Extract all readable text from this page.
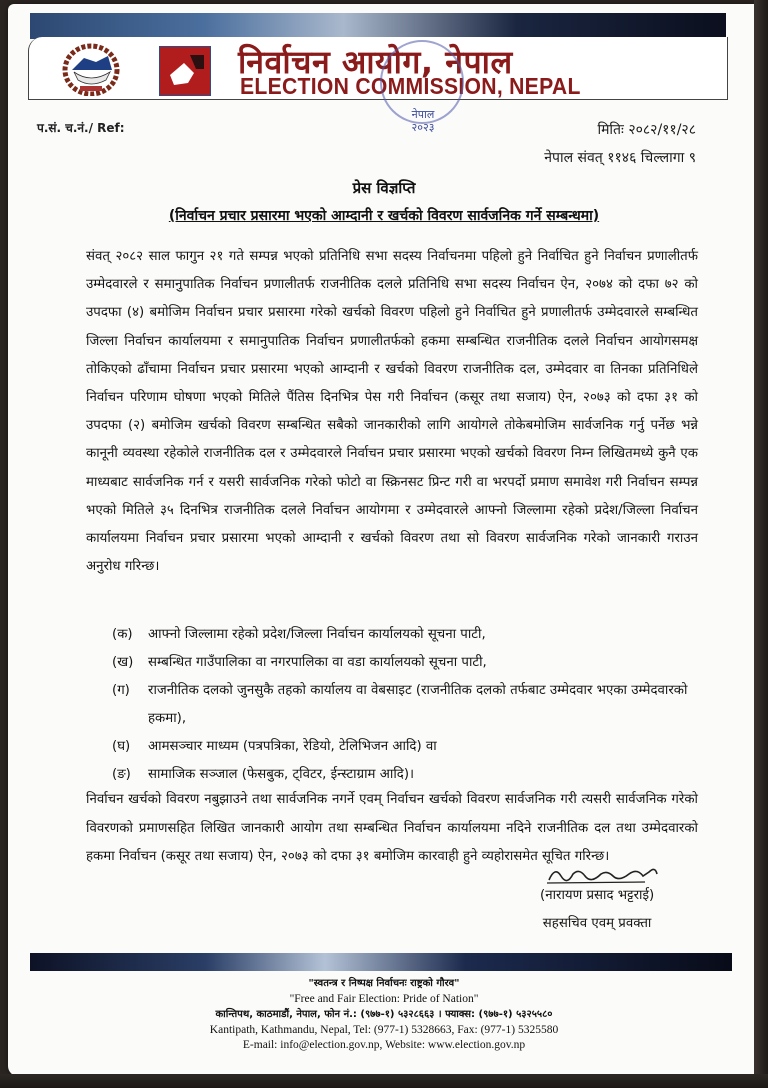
निर्वाचन आयोग, नेपाल
ELECTION COMMISSION, NEPAL
नेपाल
२०२३
प.सं. च.नं./ Ref:	मितिः २०८२/११/२८
नेपाल संवत् ११४६ चिल्लागा ९
प्रेस विज्ञप्ति
(निर्वाचन प्रचार प्रसारमा भएको आम्दानी र खर्चको विवरण सार्वजनिक गर्ने सम्बन्धमा)
संवत् २०८२ साल फागुन २१ गते सम्पन्न भएको प्रतिनिधि सभा सदस्य निर्वाचनमा पहिलो हुने निर्वाचित हुने निर्वाचन प्रणालीतर्फ उम्मेदवारले र समानुपातिक निर्वाचन प्रणालीतर्फ राजनीतिक दलले प्रतिनिधि सभा सदस्य निर्वाचन ऐन, २०७४ को दफा ७२ को उपदफा (४) बमोजिम निर्वाचन प्रचार प्रसारमा गरेको खर्चको विवरण पहिलो हुने निर्वाचित हुने प्रणालीतर्फ उम्मेदवारले सम्बन्धित जिल्ला निर्वाचन कार्यालयमा र समानुपातिक निर्वाचन प्रणालीतर्फको हकमा सम्बन्धित राजनीतिक दलले निर्वाचन आयोगसमक्ष तोकिएको ढाँचामा निर्वाचन प्रचार प्रसारमा भएको आम्दानी र खर्चको विवरण राजनीतिक दल, उम्मेदवार वा तिनका प्रतिनिधिले निर्वाचन परिणाम घोषणा भएको मितिले पैंतिस दिनभित्र पेस गरी निर्वाचन (कसूर तथा सजाय) ऐन, २०७३ को दफा ३१ को उपदफा (२) बमोजिम खर्चको विवरण सम्बन्धित सबैको जानकारीको लागि आयोगले तोकेबमोजिम सार्वजनिक गर्नु पर्नेछ भन्ने कानूनी व्यवस्था रहेकोले राजनीतिक दल र उम्मेदवारले निर्वाचन प्रचार प्रसारमा भएको खर्चको विवरण निम्न लिखितमध्ये कुनै एक माध्यबाट सार्वजनिक गर्न र यसरी सार्वजनिक गरेको फोटो वा स्क्रिनसट प्रिन्ट गरी वा भरपर्दो प्रमाण समावेश गरी निर्वाचन सम्पन्न भएको मितिले ३५ दिनभित्र राजनीतिक दलले निर्वाचन आयोगमा र उम्मेदवारले आफ्नो जिल्लामा रहेको प्रदेश/जिल्ला निर्वाचन कार्यालयमा निर्वाचन प्रचार प्रसारमा भएको आम्दानी र खर्चको विवरण तथा सो विवरण सार्वजनिक गरेको जानकारी गराउन अनुरोध गरिन्छ।
(क)	आफ्नो जिल्लामा रहेको प्रदेश/जिल्ला निर्वाचन कार्यालयको सूचना पाटी,
(ख)	सम्बन्धित गाउँपालिका वा नगरपालिका वा वडा कार्यालयको सूचना पाटी,
(ग)	राजनीतिक दलको जुनसुकै तहको कार्यालय वा वेबसाइट (राजनीतिक दलको तर्फबाट उम्मेदवार भएका उम्मेदवारको हकमा),
(घ)	आमसञ्चार माध्यम (पत्रपत्रिका, रेडियो, टेलिभिजन आदि) वा
(ङ)	सामाजिक सञ्जाल (फेसबुक, ट्विटर, ईन्स्टाग्राम आदि)।
निर्वाचन खर्चको विवरण नबुझाउने तथा सार्वजनिक नगर्ने एवम् निर्वाचन खर्चको विवरण सार्वजनिक गरी त्यसरी सार्वजनिक गरेको विवरणको प्रमाणसहित लिखित जानकारी आयोग तथा सम्बन्धित निर्वाचन कार्यालयमा नदिने राजनीतिक दल तथा उम्मेदवारको हकमा निर्वाचन (कसूर तथा सजाय) ऐन, २०७३ को दफा ३१ बमोजिम कारवाही हुने व्यहोरासमेत सूचित गरिन्छ।
(नारायण प्रसाद भट्टराई)
सहसचिव एवम् प्रवक्ता
"स्वतन्त्र र निष्पक्ष निर्वाचनः राष्ट्रको गौरव"
"Free and Fair Election: Pride of Nation"
कान्तिपथ, काठमाडौं, नेपाल, फोन नं.: (९७७-१) ५३२८६६३ । फ्याक्स: (९७७-१) ५३२५५८०
Kantipath, Kathmandu, Nepal, Tel: (977-1) 5328663, Fax: (977-1) 5325580
E-mail: info@election.gov.np, Website: www.election.gov.np
